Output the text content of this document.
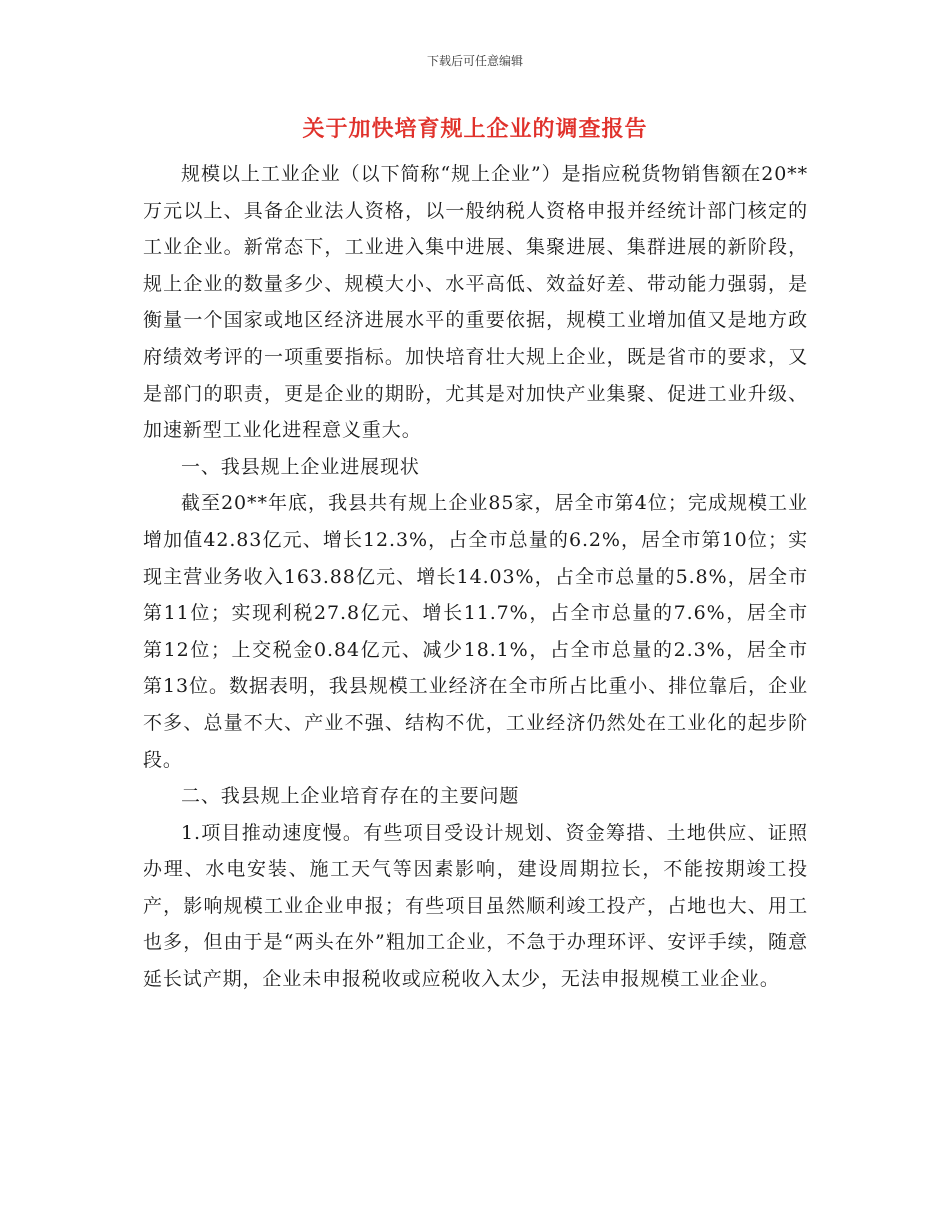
下载后可任意编辑
关于加快培育规上企业的调查报告

规模以上工业企业（以下简称“规上企业”）是指应税货物销售额在20**万元以上、具备企业法人资格，以一般纳税人资格申报并经统计部门核定的工业企业。新常态下，工业进入集中进展、集聚进展、集群进展的新阶段，规上企业的数量多少、规模大小、水平高低、效益好差、带动能力强弱，是衡量一个国家或地区经济进展水平的重要依据，规模工业增加值又是地方政府绩效考评的一项重要指标。加快培育壮大规上企业，既是省市的要求，又是部门的职责，更是企业的期盼，尤其是对加快产业集聚、促进工业升级、加速新型工业化进程意义重大。

一、我县规上企业进展现状

截至20**年底，我县共有规上企业85家，居全市第4位；完成规模工业增加值42.83亿元、增长12.3%，占全市总量的6.2%，居全市第10位；实现主营业务收入163.88亿元、增长14.03%，占全市总量的5.8%，居全市第11位；实现利税27.8亿元、增长11.7%，占全市总量的7.6%，居全市第12位；上交税金0.84亿元、减少18.1%，占全市总量的2.3%，居全市第13位。数据表明，我县规模工业经济在全市所占比重小、排位靠后，企业不多、总量不大、产业不强、结构不优，工业经济仍然处在工业化的起步阶段。

二、我县规上企业培育存在的主要问题

1.项目推动速度慢。有些项目受设计规划、资金筹措、土地供应、证照办理、水电安装、施工天气等因素影响，建设周期拉长，不能按期竣工投产，影响规模工业企业申报；有些项目虽然顺利竣工投产，占地也大、用工也多，但由于是“两头在外”粗加工企业，不急于办理环评、安评手续，随意延长试产期，企业未申报税收或应税收入太少，无法申报规模工业企业。
